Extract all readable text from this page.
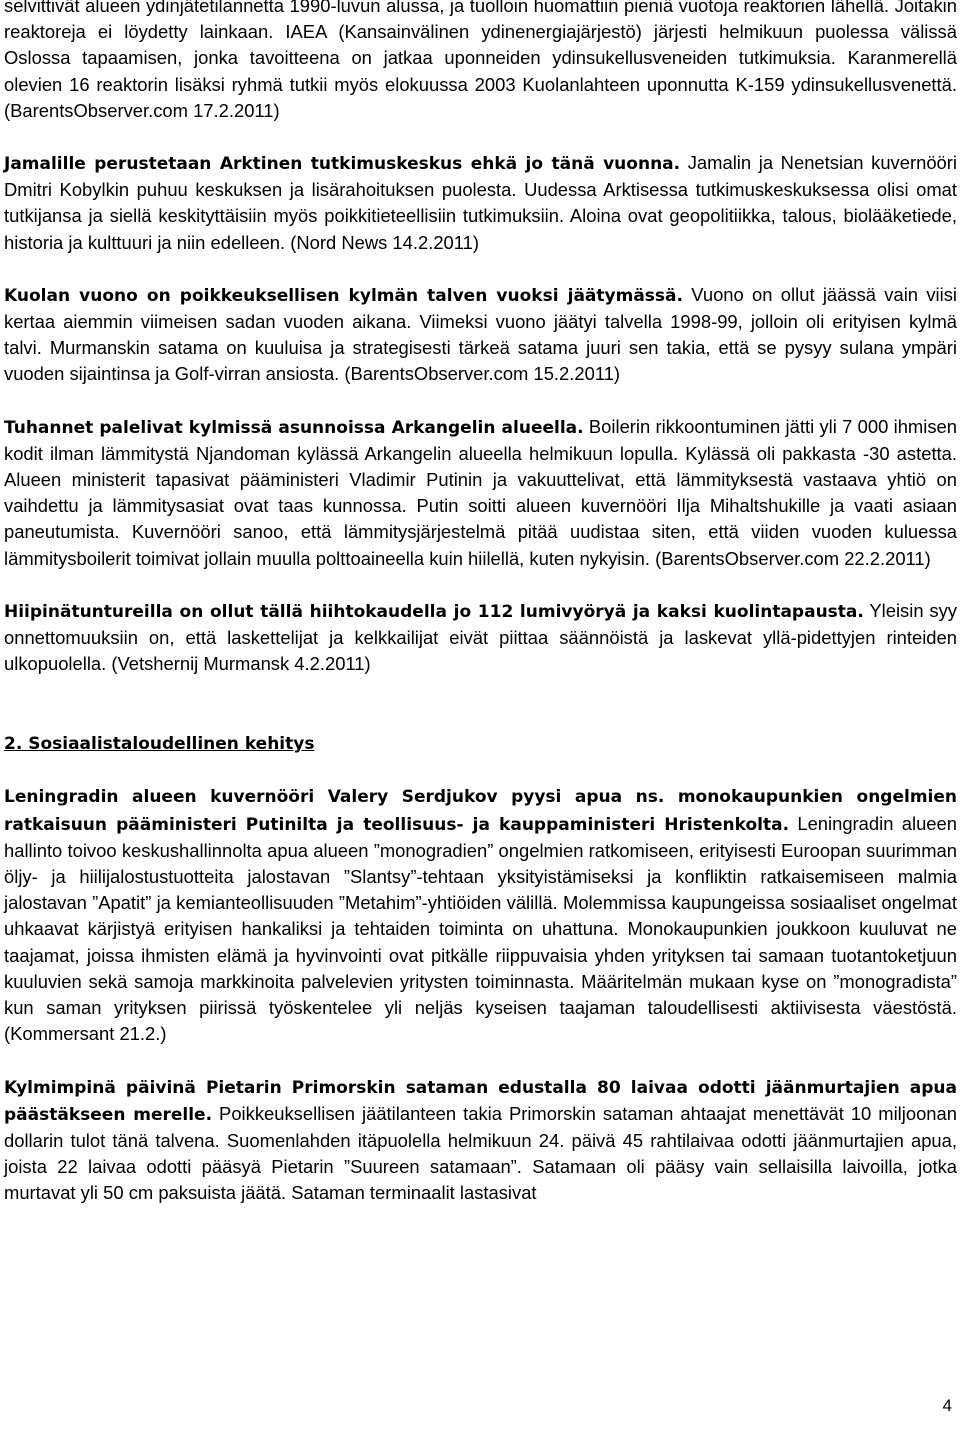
selvittivät alueen ydinjätetilannetta 1990-luvun alussa, ja tuolloin huomattiin pieniä vuotoja reaktorien lähellä. Joitakin reaktoreja ei löydetty lainkaan. IAEA (Kansainvälinen ydinenergiajärjestö) järjesti helmikuun puolessa välissä Oslossa tapaamisen, jonka tavoitteena on jatkaa uponneiden ydinsukellusveneiden tutkimuksia. Karanmerellä olevien 16 reaktorin lisäksi ryhmä tutkii myös elokuussa 2003 Kuolanlahteen uponnutta K-159 ydinsukellusvenettä. (BarentsObserver.com 17.2.2011)

Jamalille perustetaan Arktinen tutkimuskeskus ehkä jo tänä vuonna. Jamalin ja Nenetsian kuvernööri Dmitri Kobylkin puhuu keskuksen ja lisärahoituksen puolesta. Uudessa Arktisessa tutkimuskeskuksessa olisi omat tutkijansa ja siellä keskityttäisiin myös poikkitieteellisiin tutkimuksiin. Aloina ovat geopolitiikka, talous, biolääketiede, historia ja kulttuuri ja niin edelleen. (Nord News 14.2.2011)

Kuolan vuono on poikkeuksellisen kylmän talven vuoksi jäätymässä. Vuono on ollut jäässä vain viisi kertaa aiemmin viimeisen sadan vuoden aikana. Viimeksi vuono jäätyi talvella 1998-99, jolloin oli erityisen kylmä talvi. Murmanskin satama on kuuluisa ja strategisesti tärkeä satama juuri sen takia, että se pysyy sulana ympäri vuoden sijaintinsa ja Golf-virran ansiosta. (BarentsObserver.com 15.2.2011)

Tuhannet palelivat kylmissä asunnoissa Arkangelin alueella. Boilerin rikkoontuminen jätti yli 7 000 ihmisen kodit ilman lämmitystä Njandoman kylässä Arkangelin alueella helmikuun lopulla. Kylässä oli pakkasta -30 astetta. Alueen ministerit tapasivat pääministeri Vladimir Putinin ja vakuuttelivat, että lämmityksestä vastaava yhtiö on vaihdettu ja lämmitysasiat ovat taas kunnossa. Putin soitti alueen kuvernööri Ilja Mihaltshukille ja vaati asiaan paneutumista. Kuvernööri sanoo, että lämmitysjärjestelmä pitää uudistaa siten, että viiden vuoden kuluessa lämmitysboilerit toimivat jollain muulla polttoaineella kuin hiilellä, kuten nykyisin. (BarentsObserver.com 22.2.2011)

Hiipinätuntureilla on ollut tällä hiihtokaudella jo 112 lumivyöryä ja kaksi kuolintapausta. Yleisin syy onnettomuuksiin on, että laskettelijat ja kelkkailijat eivät piittaa säännöistä ja laskevat yllä-pidettyjen rinteiden ulkopuolella. (Vetshernij Murmansk 4.2.2011)

2. Sosiaalistaloudellinen kehitys

Leningradin alueen kuvernööri Valery Serdjukov pyysi apua ns. monokaupunkien ongelmien ratkaisuun pääministeri Putinilta ja teollisuus- ja kauppaministeri Hristenkolta. Leningradin alueen hallinto toivoo keskushallinnolta apua alueen ”monogradien” ongelmien ratkomiseen, erityisesti Euroopan suurimman öljy- ja hiilijalostustuotteita jalostavan ”Slantsy”-tehtaan yksityistämiseksi ja konfliktin ratkaisemiseen malmia jalostavan ”Apatit” ja kemianteollisuuden ”Metahim”-yhtiöiden välillä. Molemmissa kaupungeissa sosiaaliset ongelmat uhkaavat kärjistyä erityisen hankaliksi ja tehtaiden toiminta on uhattuna. Monokaupunkien joukkoon kuuluvat ne taajamat, joissa ihmisten elämä ja hyvinvointi ovat pitkälle riippuvaisia yhden yrityksen tai samaan tuotantoketjuun kuuluvien sekä samoja markkinoita palvelevien yritysten toiminnasta. Määritelmän mukaan kyse on ”monogradista” kun saman yrityksen piirissä työskentelee yli neljäs kyseisen taajaman taloudellisesti aktiivisesta väestöstä. (Kommersant 21.2.)

Kylmimpinä päivinä Pietarin Primorskin sataman edustalla 80 laivaa odotti jäänmurtajien apua päästäkseen merelle. Poikkeuksellisen jäätilanteen takia Primorskin sataman ahtaajat menettävät 10 miljoonan dollarin tulot tänä talvena. Suomenlahden itäpuolella helmikuun 24. päivä 45 rahtilaivaa odotti jäänmurtajien apua, joista 22 laivaa odotti pääsyä Pietarin ”Suureen satamaan”. Satamaan oli pääsy vain sellaisilla laivoilla, jotka murtavat yli 50 cm paksuista jäätä. Sataman terminaalit lastasivat

4
